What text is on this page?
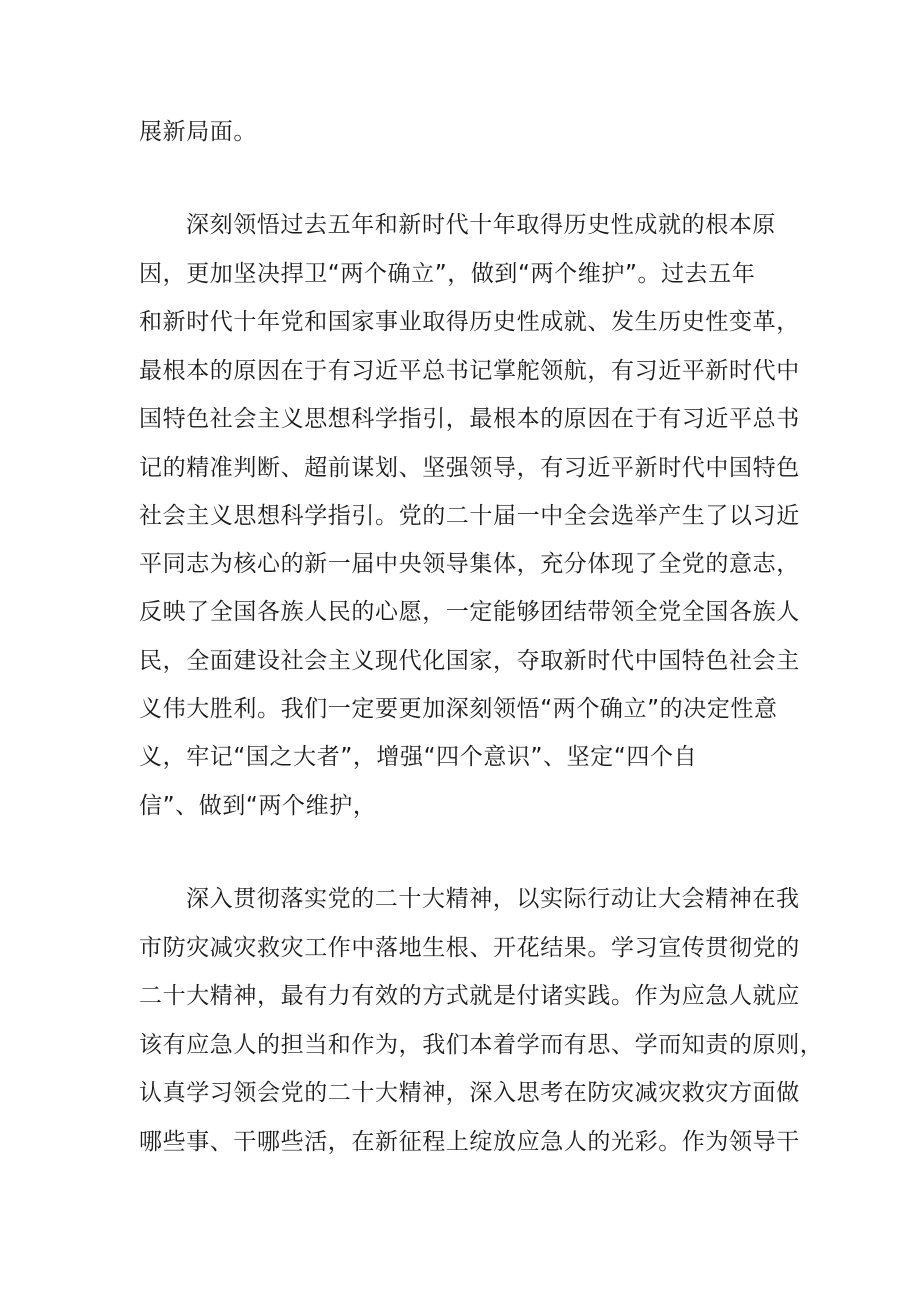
展新局面。

深刻领悟过去五年和新时代十年取得历史性成就的根本原

因，更加坚决捍卫“两个确立”，做到“两个维护”。过去五年

和新时代十年党和国家事业取得历史性成就、发生历史性变革，

最根本的原因在于有习近平总书记掌舵领航，有习近平新时代中

国特色社会主义思想科学指引，最根本的原因在于有习近平总书

记的精准判断、超前谋划、坚强领导，有习近平新时代中国特色

社会主义思想科学指引。党的二十届一中全会选举产生了以习近

平同志为核心的新一届中央领导集体，充分体现了全党的意志，

反映了全国各族人民的心愿，一定能够团结带领全党全国各族人

民，全面建设社会主义现代化国家，夺取新时代中国特色社会主

义伟大胜利。我们一定要更加深刻领悟“两个确立”的决定性意

义，牢记“国之大者”，增强“四个意识”、坚定“四个自

信”、做到“两个维护，

深入贯彻落实党的二十大精神，以实际行动让大会精神在我

市防灾减灾救灾工作中落地生根、开花结果。学习宣传贯彻党的

二十大精神，最有力有效的方式就是付诸实践。作为应急人就应

该有应急人的担当和作为，我们本着学而有思、学而知责的原则，

认真学习领会党的二十大精神，深入思考在防灾减灾救灾方面做

哪些事、干哪些活，在新征程上绽放应急人的光彩。作为领导干
